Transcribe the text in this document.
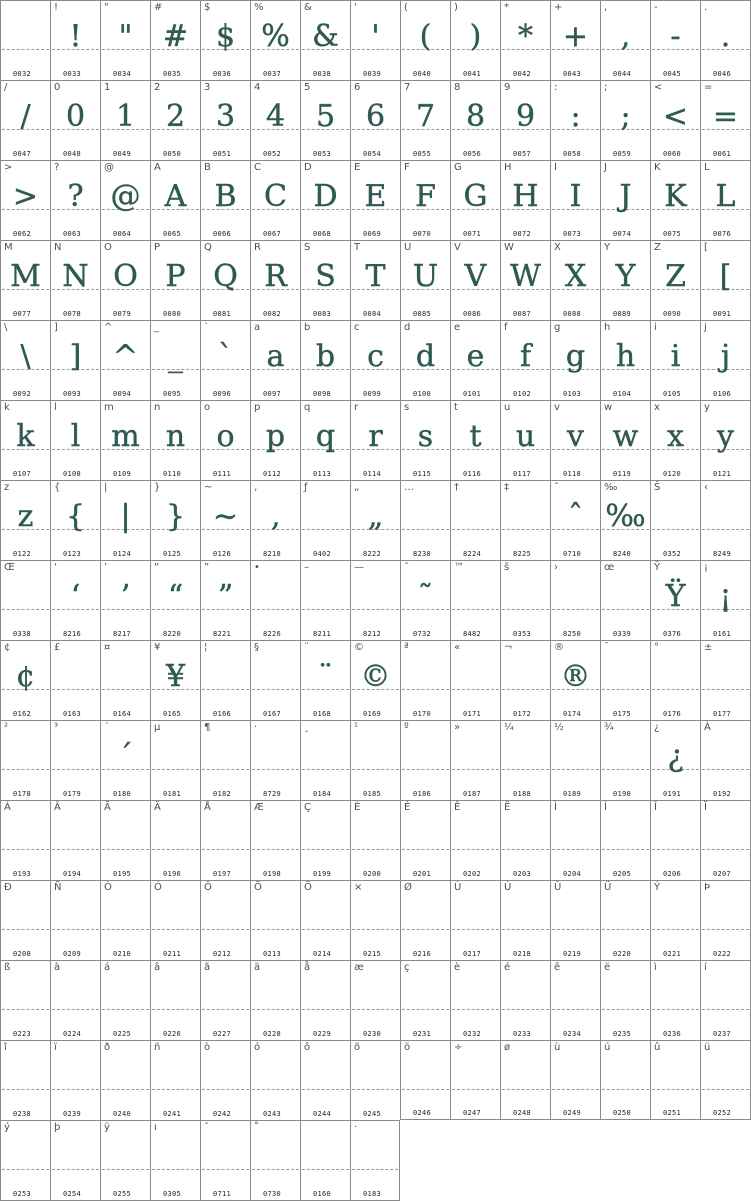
0032
!
!
0033
"
"
0034
#
#
0035
$
$
0036
%
%
0037
&
&
0038
'
'
0039
(
(
0040
)
)
0041
*
*
0042
+
+
0043
,
,
0044
-
-
0045
.
.
0046
/
/
0047
0
0
0048
1
1
0049
2
2
0050
3
3
0051
4
4
0052
5
5
0053
6
6
0054
7
7
0055
8
8
0056
9
9
0057
:
:
0058
;
;
0059
<
<
0060
=
=
0061
>
>
0062
?
?
0063
@
@
0064
A
A
0065
B
B
0066
C
C
0067
D
D
0068
E
E
0069
F
F
0070
G
G
0071
H
H
0072
I
I
0073
J
J
0074
K
K
0075
L
L
0076
M
M
0077
N
N
0078
O
O
0079
P
P
0080
Q
Q
0081
R
R
0082
S
S
0083
T
T
0084
U
U
0085
V
V
0086
W
W
0087
X
X
0088
Y
Y
0089
Z
Z
0090
[
[
0091
\
\
0092
]
]
0093
^
^
0094
_
_
0095
`
`
0096
a
a
0097
b
b
0098
c
c
0099
d
d
0100
e
e
0101
f
f
0102
g
g
0103
h
h
0104
i
i
0105
j
j
0106
k
k
0107
l
l
0108
m
m
0109
n
n
0110
o
o
0111
p
p
0112
q
q
0113
r
r
0114
s
s
0115
t
t
0116
u
u
0117
v
v
0118
w
w
0119
x
x
0120
y
y
0121
z
z
0122
{
{
0123
|
|
0124
}
}
0125
~
~
0126
‚
‚
8218
ƒ
0402
„
„
8222
…
8230
†
8224
‡
8225
ˆ
ˆ
0710
‰
‰
8240
Š
0352
‹
8249
Œ
0338
‘
‘
8216
’
’
8217
“
“
8220
”
”
8221
•
8226
–
8211
—
8212
˜
˜
0732
™
8482
š
0353
›
8250
œ
0339
Ÿ
Ÿ
0376
¡
¡
0161
¢
¢
0162
£
0163
¤
0164
¥
¥
0165
¦
0166
§
0167
¨
¨
0168
©
©
0169
ª
0170
«
0171
¬
0172
®
®
0174
¯
0175
°
0176
±
0177
²
0178
³
0179
´
´
0180
µ
0181
¶
0182
·
8729
¸
0184
¹
0185
º
0186
»
0187
¼
0188
½
0189
¾
0190
¿
¿
0191
À
0192
Á
0193
Â
0194
Ã
0195
Ä
0196
Å
0197
Æ
0198
Ç
0199
È
0200
É
0201
Ê
0202
Ë
0203
Ì
0204
Í
0205
Î
0206
Ï
0207
Ð
0208
Ñ
0209
Ò
0210
Ó
0211
Ô
0212
Õ
0213
Ö
0214
×
0215
Ø
0216
Ù
0217
Ú
0218
Û
0219
Ü
0220
Ý
0221
Þ
0222
ß
0223
à
0224
á
0225
â
0226
ã
0227
ä
0228
å
0229
æ
0230
ç
0231
è
0232
é
0233
ê
0234
ë
0235
ì
0236
í
0237
î
0238
ï
0239
ð
0240
ñ
0241
ò
0242
ó
0243
ô
0244
õ
0245
ö
0246
÷
0247
ø
0248
ù
0249
ú
0250
û
0251
ü
0252
ý
0253
þ
0254
ÿ
0255
ı
0305
ˇ
0711
˚
0730	0160
·
0183
